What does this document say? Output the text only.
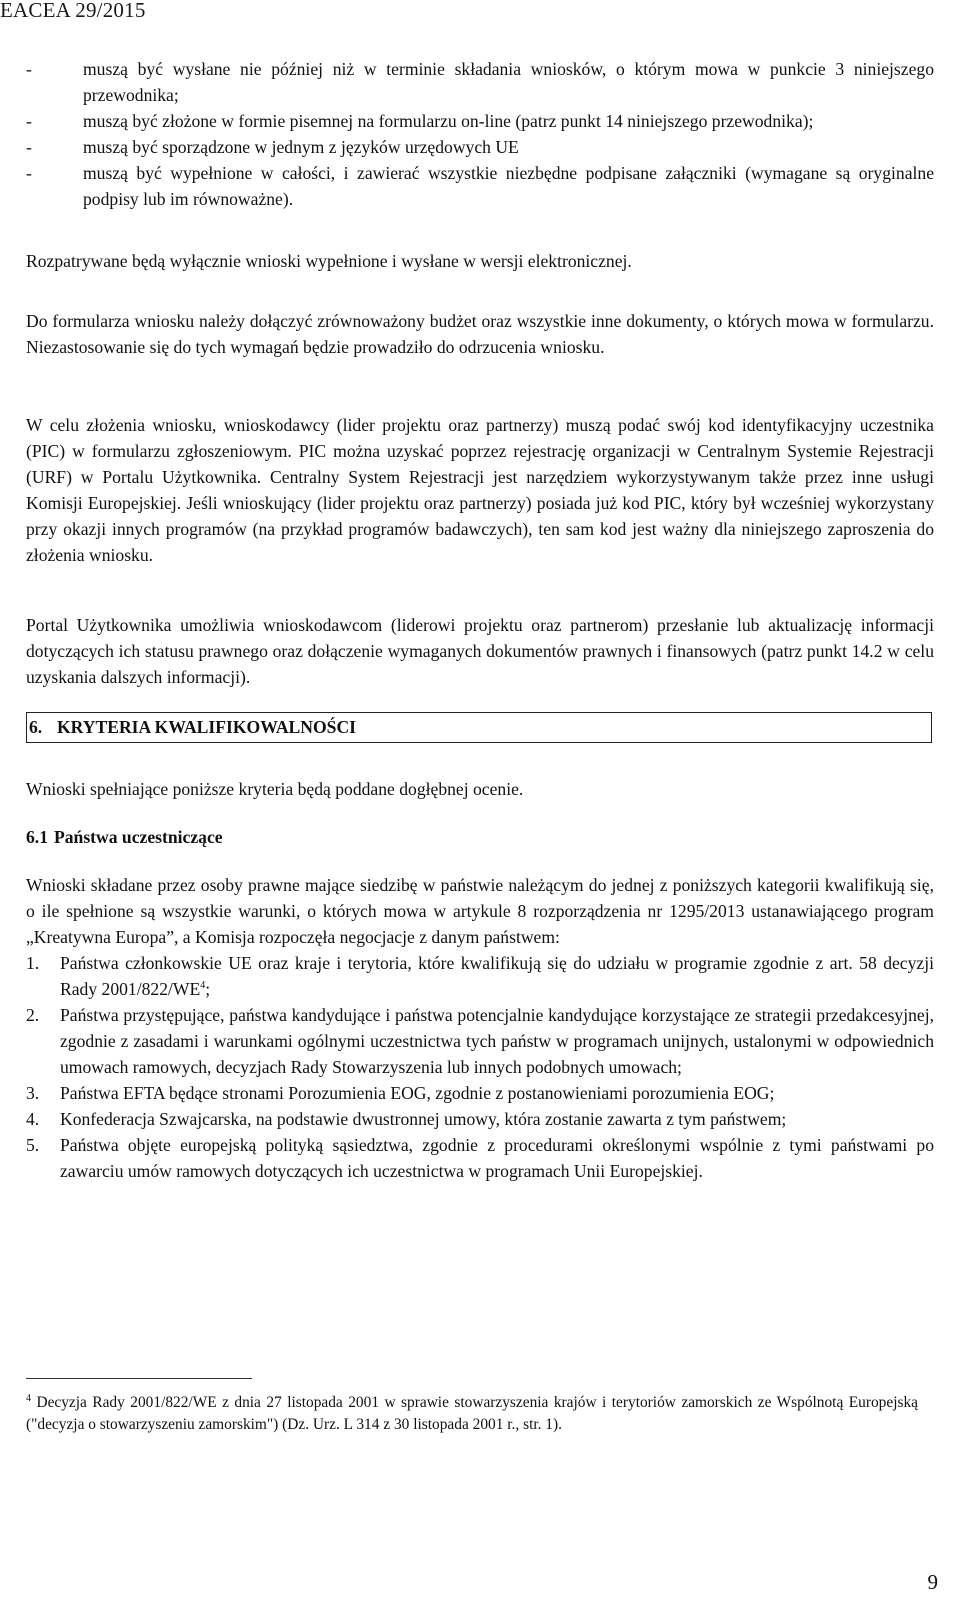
EACEA 29/2015
-	muszą być wysłane nie później niż w terminie składania wniosków, o którym mowa w punkcie 3 niniejszego przewodnika;
-	muszą być złożone w formie pisemnej na formularzu on-line (patrz punkt 14 niniejszego przewodnika);
-	muszą być sporządzone w jednym z języków urzędowych UE
-	muszą być wypełnione w całości, i zawierać wszystkie niezbędne podpisane załączniki (wymagane są oryginalne podpisy lub im równoważne).

Rozpatrywane będą wyłącznie wnioski wypełnione i wysłane w wersji elektronicznej.

Do formularza wniosku należy dołączyć zrównoważony budżet oraz wszystkie inne dokumenty, o których mowa w formularzu. Niezastosowanie się do tych wymagań będzie prowadziło do odrzucenia wniosku.

W celu złożenia wniosku, wnioskodawcy (lider projektu oraz partnerzy) muszą podać swój kod identyfikacyjny uczestnika (PIC) w formularzu zgłoszeniowym. PIC można uzyskać poprzez rejestrację organizacji w Centralnym Systemie Rejestracji (URF) w Portalu Użytkownika. Centralny System Rejestracji jest narzędziem wykorzystywanym także przez inne usługi Komisji Europejskiej. Jeśli wnioskujący (lider projektu oraz partnerzy) posiada już kod PIC, który był wcześniej wykorzystany przy okazji innych programów (na przykład programów badawczych), ten sam kod jest ważny dla niniejszego zaproszenia do złożenia wniosku.

Portal Użytkownika umożliwia wnioskodawcom (liderowi projektu oraz partnerom) przesłanie lub aktualizację informacji dotyczących ich statusu prawnego oraz dołączenie wymaganych dokumentów prawnych i finansowych (patrz punkt 14.2 w celu uzyskania dalszych informacji).

6. KRYTERIA KWALIFIKOWALNOŚCI

Wnioski spełniające poniższe kryteria będą poddane dogłębnej ocenie.

6.1 Państwa uczestniczące

Wnioski składane przez osoby prawne mające siedzibę w państwie należącym do jednej z poniższych kategorii kwalifikują się, o ile spełnione są wszystkie warunki, o których mowa w artykule 8 rozporządzenia nr 1295/2013 ustanawiającego program „Kreatywna Europa”, a Komisja rozpoczęła negocjacje z danym państwem:

1. Państwa członkowskie UE oraz kraje i terytoria, które kwalifikują się do udziału w programie zgodnie z art. 58 decyzji Rady $2001/822/WE^4$;
2. Państwa przystępujące, państwa kandydujące i państwa potencjalnie kandydujące korzystające ze strategii przedakcesyjnej, zgodnie z zasadami i warunkami ogólnymi uczestnictwa tych państw w programach unijnych, ustalonymi w odpowiednich umowach ramowych, decyzjach Rady Stowarzyszenia lub innych podobnych umowach;
3. Państwa EFTA będące stronami Porozumienia EOG, zgodnie z postanowieniami porozumienia EOG;
4. Konfederacja Szwajcarska, na podstawie dwustronnej umowy, która zostanie zawarta z tym państwem;
5. Państwa objęte europejską polityką sąsiedztwa, zgodnie z procedurami określonymi wspólnie z tymi państwami po zawarciu umów ramowych dotyczących ich uczestnictwa w programach Unii Europejskiej.
$^4$ Decyzja Rady 2001/822/WE z dnia 27 listopada 2001 w sprawie stowarzyszenia krajów i terytoriów zamorskich ze Wspólnotą Europejską ("decyzja o stowarzyszeniu zamorskim") (Dz. Urz. L 314 z 30 listopada 2001 r., str. 1).
9
